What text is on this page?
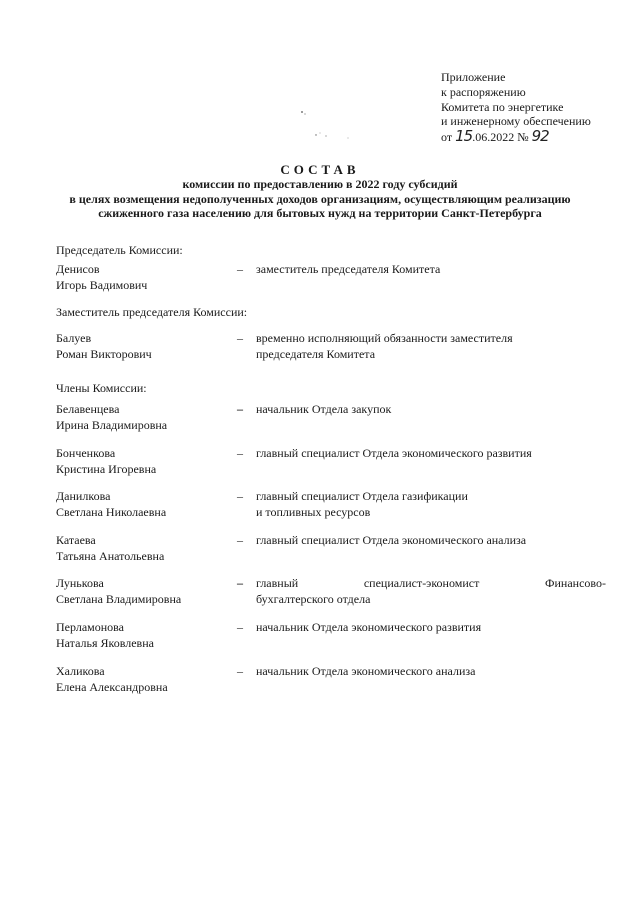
Приложение
к распоряжению
Комитета по энергетике
и инженерному обеспечению
от 15.06.2022 № 92
СОСТАВ
комиссии по предоставлению в 2022 году субсидий
в целях возмещения недополученных доходов организациям, осуществляющим реализацию
сжиженного газа населению для бытовых нужд на территории Санкт-Петербурга
Председатель Комиссии:
Денисов
Игорь Вадимович
– заместитель председателя Комитета
Заместитель председателя Комиссии:
Балуев
Роман Викторович
– временно исполняющий обязанности заместителя
председателя Комитета
Члены Комиссии:
Белавенцева
Ирина Владимировна
– начальник Отдела закупок
Бонченкова
Кристина Игоревна
– главный специалист Отдела экономического развития
Данилкова
Светлана Николаевна
– главный специалист Отдела газификации
и топливных ресурсов
Катаева
Татьяна Анатольевна
– главный специалист Отдела экономического анализа
Лунькова
Светлана Владимировна
– главный	специалист-экономист	Финансово-
бухгалтерского отдела
Перламонова
Наталья Яковлевна
– начальник Отдела экономического развития
Халикова
Елена Александровна
– начальник Отдела экономического анализа
